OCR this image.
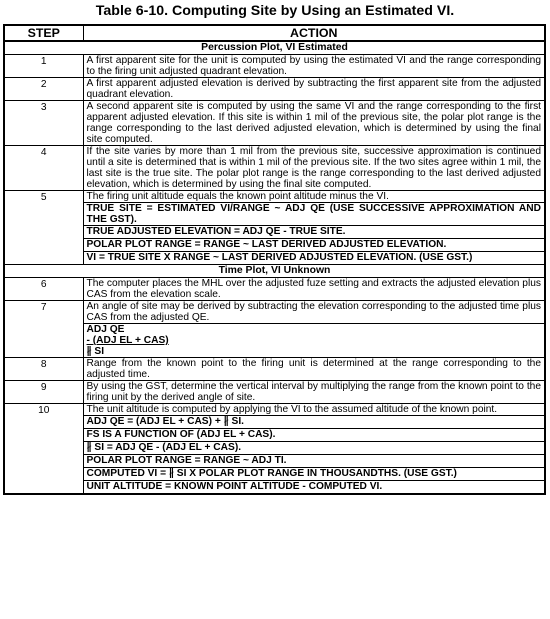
Table 6-10. Computing Site by Using an Estimated VI.
STEP	ACTION
Percussion Plot, VI Estimated	
1	A first apparent site for the unit is computed by using the estimated VI and the range corresponding to the firing unit adjusted quadrant elevation.
2	A first apparent adjusted elevation is derived by subtracting the first apparent site from the adjusted quadrant elevation.
3	A second apparent site is computed by using the same VI and the range corresponding to the first apparent adjusted elevation. If this site is within 1 mil of the previous site, the polar plot range is the range corresponding to the last derived adjusted elevation, which is determined by using the final site computed.
4	If the site varies by more than 1 mil from the previous site, successive approximation is continued until a site is determined that is within 1 mil of the previous site. If the two sites agree within 1 mil, the last site is the true site. The polar plot range is the range corresponding to the last derived adjusted elevation, which is determined by using the final site computed.
5	The firing unit altitude equals the known point altitude minus the VI.
	TRUE SITE = ESTIMATED VI/RANGE ~ ADJ QE (USE SUCCESSIVE APPROXIMATION AND THE GST).
	TRUE ADJUSTED ELEVATION = ADJ QE - TRUE SITE.
	POLAR PLOT RANGE = RANGE ~ LAST DERIVED ADJUSTED ELEVATION.
	VI = TRUE SITE X RANGE ~ LAST DERIVED ADJUSTED ELEVATION. (USE GST.)
Time Plot, VI Unknown	
6	The computer places the MHL over the adjusted fuze setting and extracts the adjusted elevation plus CAS from the elevation scale.
7	An angle of site may be derived by subtracting the elevation corresponding to the adjusted time plus CAS from the adjusted QE.

	ADJ QE
- (ADJ EL + CAS)
∦ SI

8	Range from the known point to the firing unit is determined at the range corresponding to the adjusted time.
9	By using the GST, determine the vertical interval by multiplying the range from the known point to the firing unit by the derived angle of site.
10	The unit altitude is computed by applying the VI to the assumed altitude of the known point.
	ADJ QE = (ADJ EL + CAS) + ∦ SI.
	FS IS A FUNCTION OF (ADJ EL + CAS).
	∦ SI = ADJ QE - (ADJ EL + CAS).
	POLAR PLOT RANGE = RANGE ~ ADJ TI.
	COMPUTED VI = ∦ SI X POLAR PLOT RANGE IN THOUSANDTHS. (USE GST.)
	UNIT ALTITUDE = KNOWN POINT ALTITUDE - COMPUTED VI.
